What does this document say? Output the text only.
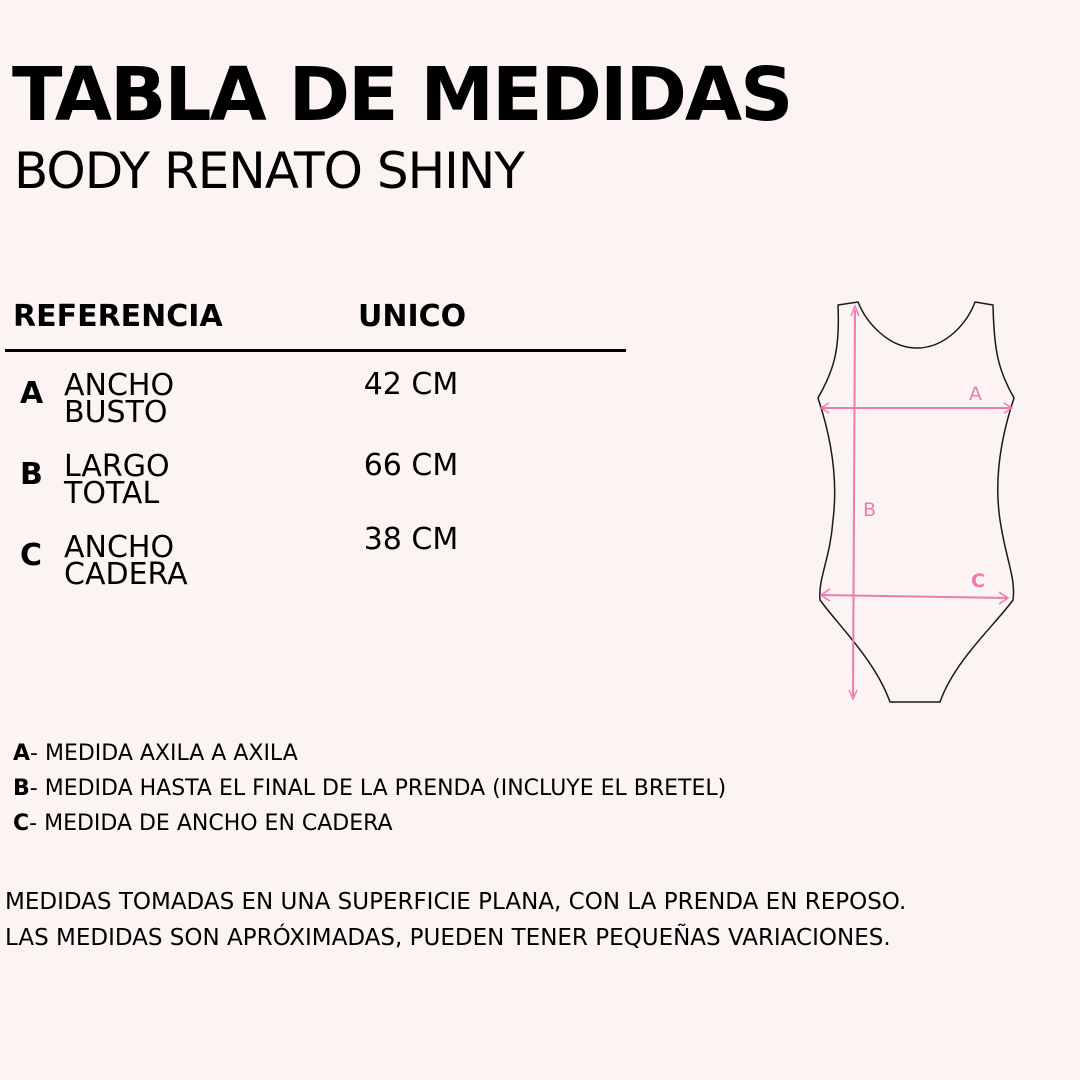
TABLA DE MEDIDAS
BODY RENATO SHINY
REFERENCIA	UNICO
A ANCHO
BUSTO
42 CM
B LARGO
TOTAL
66 CM
C ANCHO
CADERA
38 CM
A- MEDIDA AXILA A AXILA
B- MEDIDA HASTA EL FINAL DE LA PRENDA (INCLUYE EL BRETEL)
C- MEDIDA DE ANCHO EN CADERA
MEDIDAS TOMADAS EN UNA SUPERFICIE PLANA, CON LA PRENDA EN REPOSO.
LAS MEDIDAS SON APRÓXIMADAS, PUEDEN TENER PEQUEÑAS VARIACIONES.
A
B
C
